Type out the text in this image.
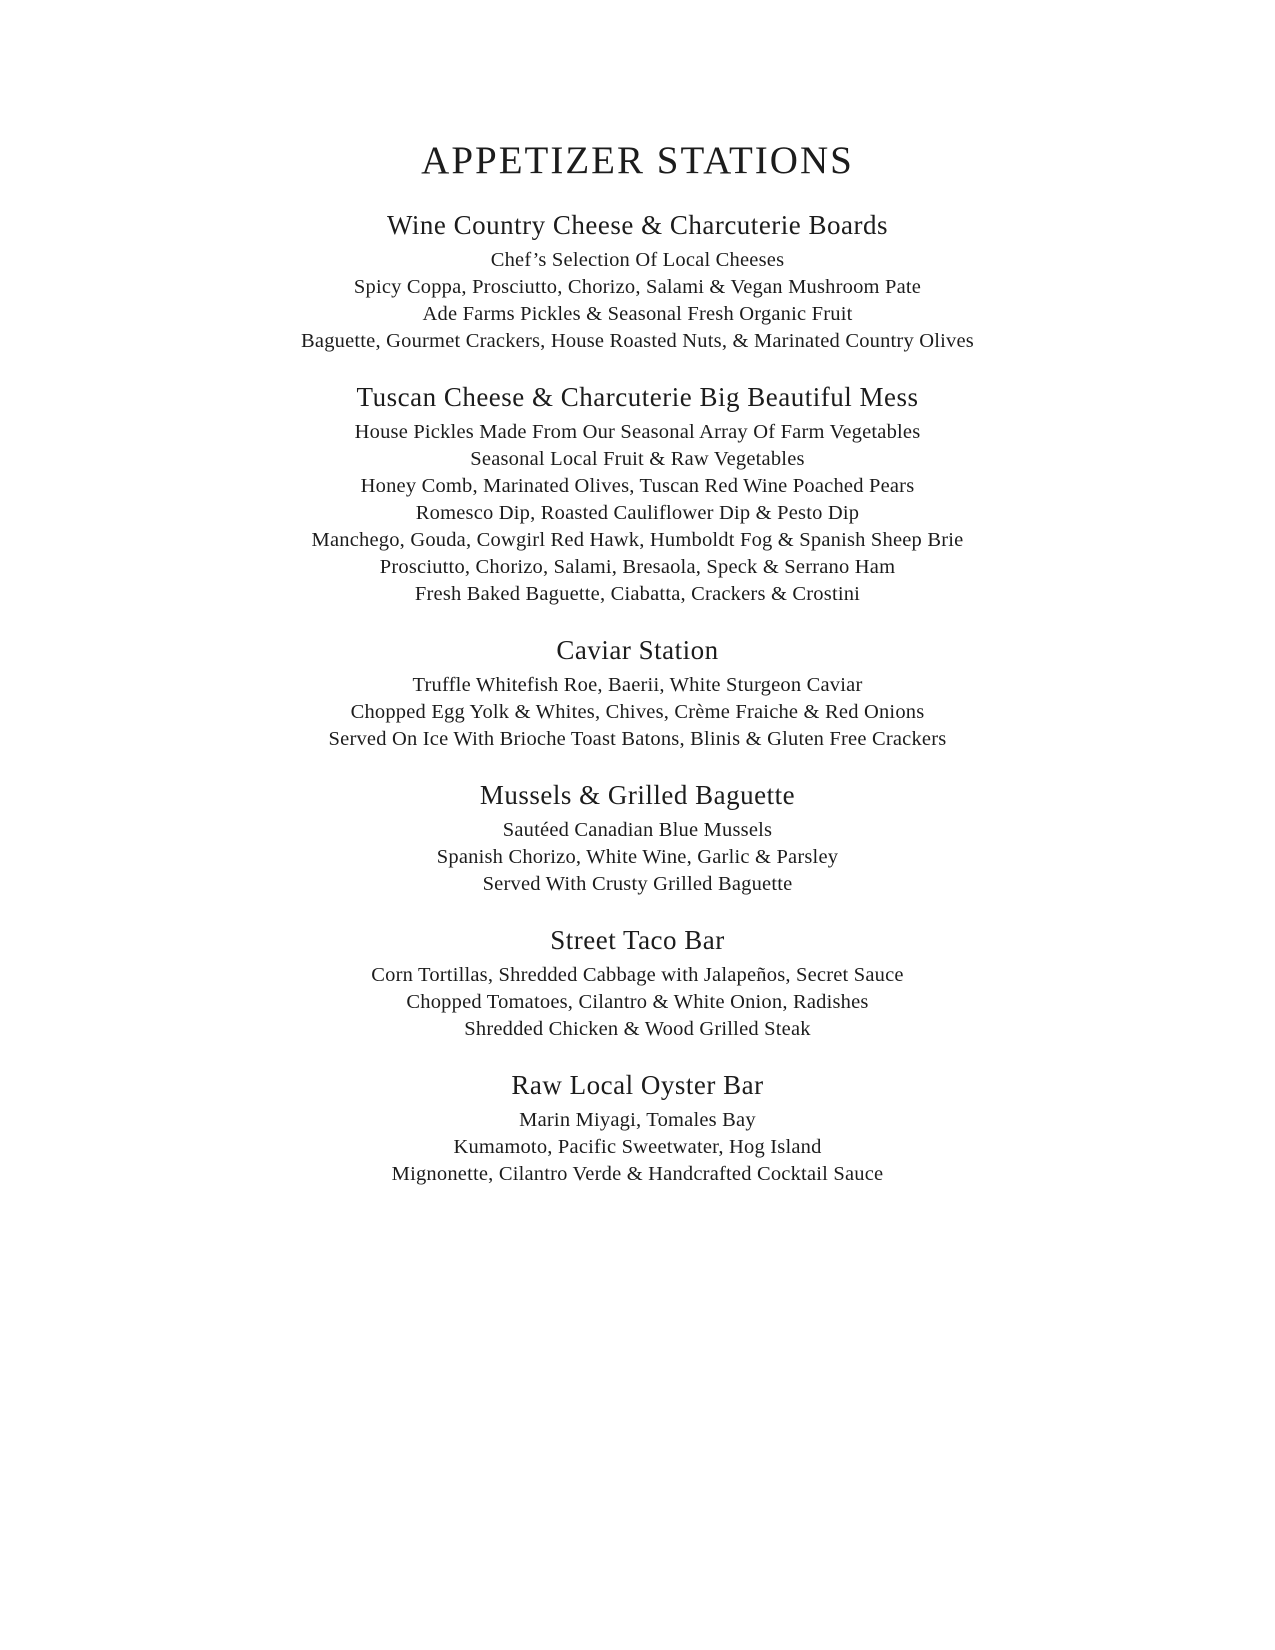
APPETIZER STATIONS
Wine Country Cheese & Charcuterie Boards
Chef’s Selection Of Local Cheeses
Spicy Coppa, Prosciutto, Chorizo, Salami & Vegan Mushroom Pate
Ade Farms Pickles & Seasonal Fresh Organic Fruit
Baguette, Gourmet Crackers, House Roasted Nuts, & Marinated Country Olives
Tuscan Cheese & Charcuterie Big Beautiful Mess
House Pickles Made From Our Seasonal Array Of Farm Vegetables
Seasonal Local Fruit & Raw Vegetables
Honey Comb, Marinated Olives, Tuscan Red Wine Poached Pears
Romesco Dip, Roasted Cauliflower Dip & Pesto Dip
Manchego, Gouda, Cowgirl Red Hawk, Humboldt Fog & Spanish Sheep Brie
Prosciutto, Chorizo, Salami, Bresaola, Speck & Serrano Ham
Fresh Baked Baguette, Ciabatta, Crackers & Crostini
Caviar Station
Truffle Whitefish Roe, Baerii, White Sturgeon Caviar
Chopped Egg Yolk & Whites, Chives, Crème Fraiche & Red Onions
Served On Ice With Brioche Toast Batons, Blinis & Gluten Free Crackers
Mussels & Grilled Baguette
Sautéed Canadian Blue Mussels
Spanish Chorizo, White Wine, Garlic & Parsley
Served With Crusty Grilled Baguette
Street Taco Bar
Corn Tortillas, Shredded Cabbage with Jalapeños, Secret Sauce
Chopped Tomatoes, Cilantro & White Onion, Radishes
Shredded Chicken & Wood Grilled Steak
Raw Local Oyster Bar
Marin Miyagi, Tomales Bay
Kumamoto, Pacific Sweetwater, Hog Island
Mignonette, Cilantro Verde & Handcrafted Cocktail Sauce
